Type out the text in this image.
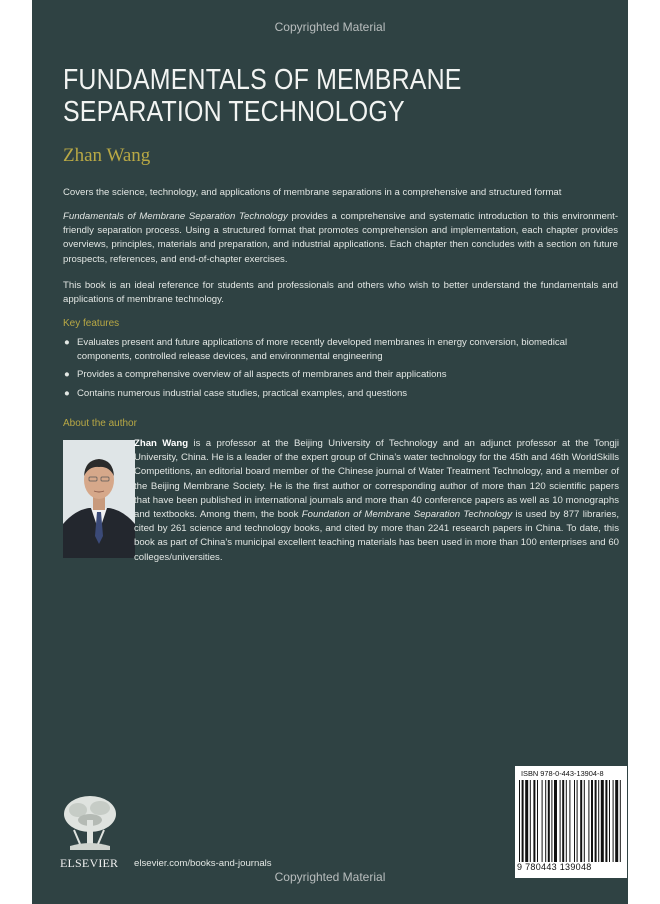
Copyrighted Material
FUNDAMENTALS OF MEMBRANE
SEPARATION TECHNOLOGY
Zhan Wang
Covers the science, technology, and applications of membrane separations in a comprehensive and structured format
Fundamentals of Membrane Separation Technology provides a comprehensive and systematic introduction to this environment-friendly separation process. Using a structured format that promotes comprehension and implementation, each chapter provides overviews, principles, materials and preparation, and industrial applications. Each chapter then concludes with a section on future prospects, references, and end-of-chapter exercises.
This book is an ideal reference for students and professionals and others who wish to better understand the fundamentals and applications of membrane technology.
Key features
● Evaluates present and future applications of more recently developed membranes in energy conversion, biomedical components, controlled release devices, and environmental engineering
● Provides a comprehensive overview of all aspects of membranes and their applications
● Contains numerous industrial case studies, practical examples, and questions
About the author
Zhan Wang is a professor at the Beijing University of Technology and an adjunct professor at the Tongji University, China. He is a leader of the expert group of China’s water technology for the 45th and 46th WorldSkills Competitions, an editorial board member of the Chinese journal of Water Treatment Technology, and a member of the Beijing Membrane Society. He is the first author or corresponding author of more than 120 scientific papers that have been published in international journals and more than 40 conference papers as well as 10 monographs and textbooks. Among them, the book Foundation of Membrane Separation Technology is used by 877 libraries, cited by 261 science and technology books, and cited by more than 2241 research papers in China. To date, this book as part of China’s municipal excellent teaching materials has been used in more than 100 enterprises and 60 colleges/universities.
ISBN 978-0-443-13904-8
9 780443 139048
ELSEVIER elsevier.com/books-and-journals
Copyrighted Material
